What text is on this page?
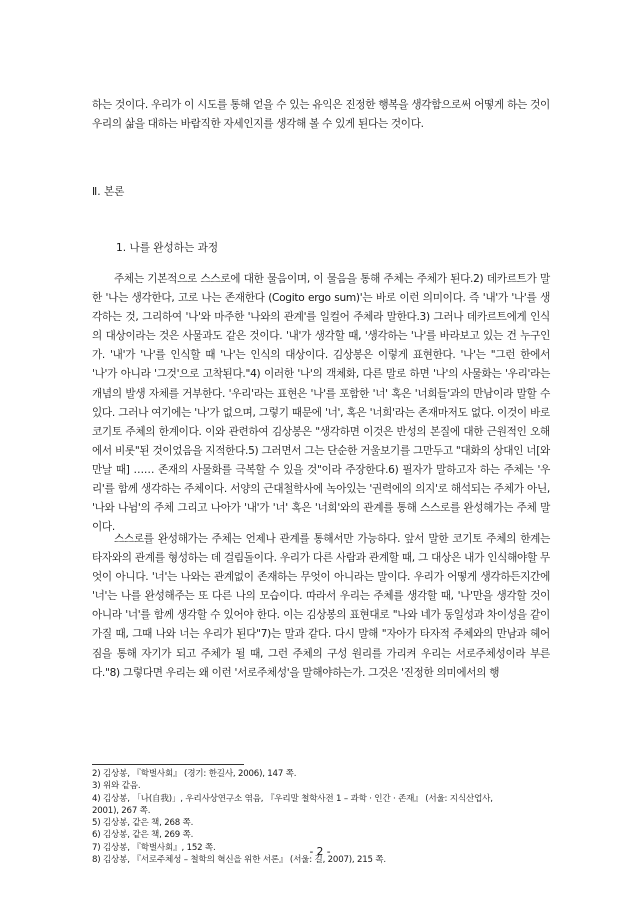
하는 것이다. 우리가 이 시도를 통해 얻을 수 있는 유익은 진정한 행복을 생각함으로써 어떻게 하는 것이 우리의 삶을 대하는 바람직한 자세인지를 생각해 볼 수 있게 된다는 것이다.

Ⅱ. 본론
1. 나를 완성하는 과정

주체는 기본적으로 스스로에 대한 물음이며, 이 물음을 통해 주체는 주체가 된다.2) 데카르트가 말한 '나는 생각한다, 고로 나는 존재한다 (Cogito ergo sum)'는 바로 이런 의미이다. 즉 '내'가 '나'를 생각하는 것, 그리하여 '나'와 마주한 '나와의 관계'를 일컬어 주체라 말한다.3) 그러나 데카르트에게 인식의 대상이라는 것은 사물과도 같은 것이다. '내'가 생각할 때, '생각하는 '나'를 바라보고 있는 건 누구인가. '내'가 '나'를 인식할 때 '나'는 인식의 대상이다. 김상봉은 이렇게 표현한다. '나'는 "그런 한에서 '나'가 아니라 '그것'으로 고착된다."4) 이러한 '나'의 객체화, 다른 말로 하면 '나'의 사물화는 '우리'라는 개념의 발생 자체를 거부한다. '우리'라는 표현은 '나'를 포함한 '너' 혹은 '너희들'과의 만남이라 말할 수 있다. 그러나 여기에는 '나'가 없으며, 그렇기 때문에 '너', 혹은 '너희'라는 존재마저도 없다. 이것이 바로 코기토 주체의 한계이다. 이와 관련하여 김상봉은 "생각하면 이것은 반성의 본질에 대한 근원적인 오해에서 비롯"된 것이었음을 지적한다.5) 그러면서 그는 단순한 거울보기를 그만두고 "대화의 상대인 너[와 만날 때] …… 존재의 사물화를 극복할 수 있을 것"이라 주장한다.6) 필자가 말하고자 하는 주체는 '우리'를 함께 생각하는 주체이다. 서양의 근대철학사에 녹아있는 '권력에의 의지'로 해석되는 주체가 아닌, '나와 나뉨'의 주체 그리고 나아가 '내'가 '너' 혹은 '너희'와의 관계를 통해 스스로를 완성해가는 주체 말이다.

스스로를 완성해가는 주체는 언제나 관계를 통해서만 가능하다. 앞서 말한 코기토 주체의 한계는 타자와의 관계를 형성하는 데 걸림돌이다. 우리가 다른 사람과 관계할 때, 그 대상은 내가 인식해야할 무엇이 아니다. '너'는 나와는 관계없이 존재하는 무엇이 아니라는 말이다. 우리가 어떻게 생각하든지간에 '너'는 나를 완성해주는 또 다른 나의 모습이다. 따라서 우리는 주체를 생각할 때, '나'만을 생각할 것이 아니라 '너'를 함께 생각할 수 있어야 한다. 이는 김상봉의 표현대로 "나와 네가 동일성과 차이성을 같이 가질 때, 그때 나와 너는 우리가 된다"7)는 말과 같다. 다시 말해 "자아가 타자적 주체와의 만남과 헤어짐을 통해 자기가 되고 주체가 될 때, 그런 주체의 구성 원리를 가리켜 우리는 서로주체성이라 부른다."8) 그렇다면 우리는 왜 이런 '서로주체성'을 말해야하는가. 그것은 '진정한 의미에서의 행

2) 김상봉, 『학벌사회』 (경기: 한길사, 2006), 147 쪽.
3) 위와 같음.
4) 김상봉, 「나(自我)」, 우리사상연구소 엮음, 『우리말 철학사전 1 – 과학 · 인간 · 존재』 (서울: 지식산업사,
2001), 267 쪽.
5) 김상봉, 같은 책, 268 쪽.
6) 김상봉, 같은 책, 269 쪽.
7) 김상봉, 『학벌사회』, 152 쪽.
8) 김상봉, 『서로주체성 – 철학의 혁신을 위한 서론』 (서울: 길, 2007), 215 쪽.

- 2 -
